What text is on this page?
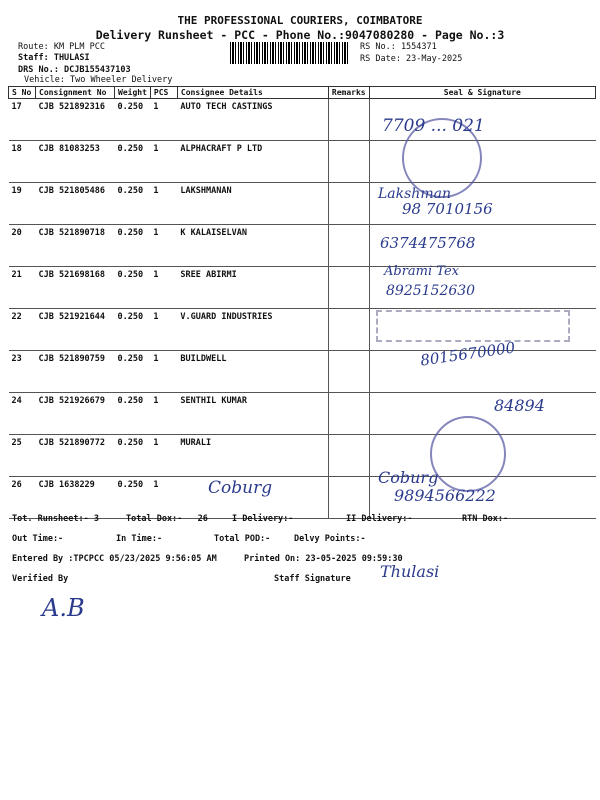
THE PROFESSIONAL COURIERS, COIMBATORE
Delivery Runsheet - PCC - Phone No.:9047080280 - Page No.:3
Route: KM PLM PCC
Staff: THULASI
DRS No.: DCJB155437103
Vehicle: Two Wheeler Delivery
RS No.: 1554371
RS Date: 23-May-2025
S No	Consignment No	Weight	PCS	Consignee Details	Remarks	Seal & Signature
17	CJB 521892316	0.250	1	AUTO TECH CASTINGS		
18	CJB 81083253	0.250	1	ALPHACRAFT P LTD		
19	CJB 521805486	0.250	1	LAKSHMANAN		
20	CJB 521890718	0.250	1	K KALAISELVAN		
21	CJB 521698168	0.250	1	SREE ABIRMI		
22	CJB 521921644	0.250	1	V.GUARD INDUSTRIES		
23	CJB 521890759	0.250	1	BUILDWELL		
24	CJB 521926679	0.250	1	SENTHIL KUMAR		
25	CJB 521890772	0.250	1	MURALI		
26	CJB 1638229	0.250	1			
7709 ... 021
Lakshman
98 7010156
6374475768
Abrami Tex
8925152630
8015670000
84894
Coburg
Coburg
9894566222
Tot. Runsheet:- 3	Total Dox:-   26	I Delivery:-	II Delivery:-	RTN Dox:-
Out Time:-	In Time:-	Total POD:-	Delvy Points:-
Entered By :TPCPCC 05/23/2025 9:56:05 AM	Printed On: 23-05-2025 09:59:30
Verified By	Staff Signature Thulasi
A.B
